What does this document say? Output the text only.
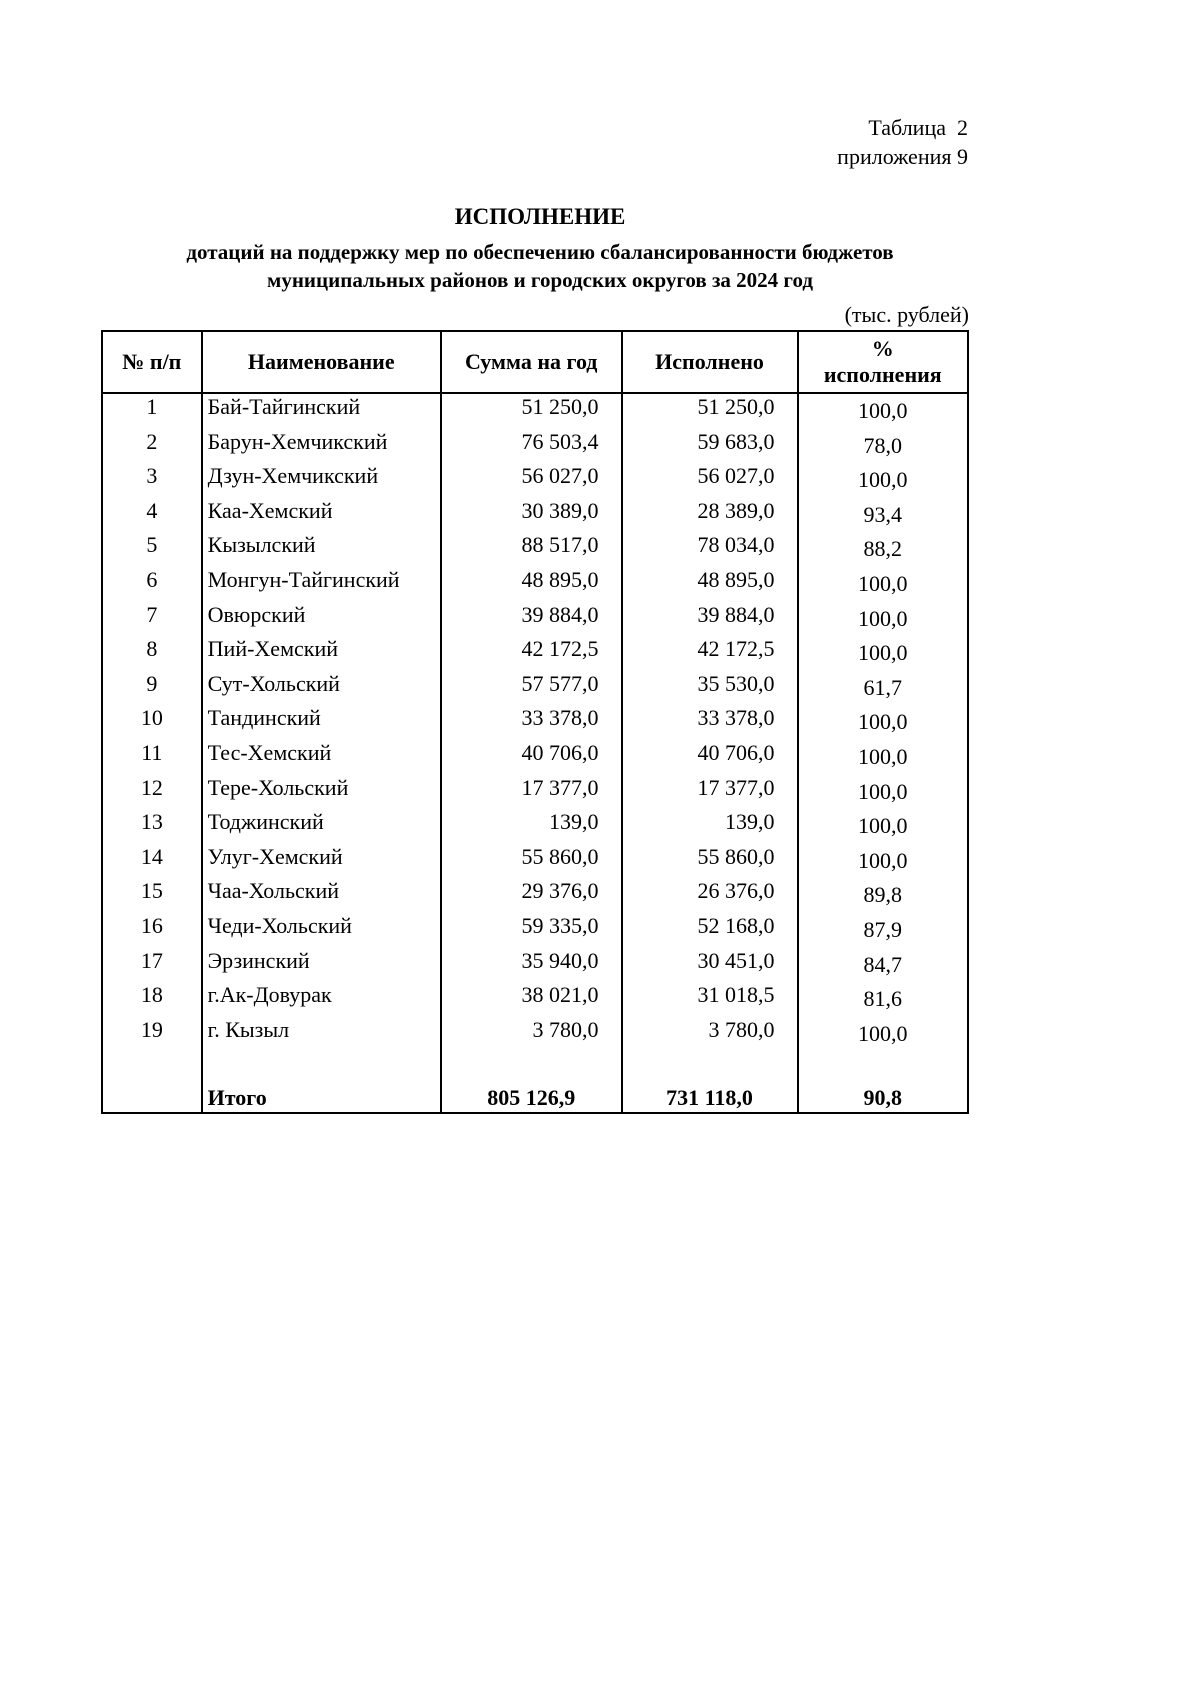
Таблица  2
приложения 9
ИСПОЛНЕНИЕ
дотаций на поддержку мер по обеспечению сбалансированности бюджетов
муниципальных районов и городских округов за 2024 год
(тыс. рублей)
№ п/п	Наименование	Сумма на год	Исполнено	%
исполнения

1	Бай-Тайгинский	51 250,0	51 250,0	100,0
2	Барун-Хемчикский	76 503,4	59 683,0	78,0
3	Дзун-Хемчикский	56 027,0	56 027,0	100,0
4	Каа-Хемский	30 389,0	28 389,0	93,4
5	Кызылский	88 517,0	78 034,0	88,2
6	Монгун-Тайгинский	48 895,0	48 895,0	100,0
7	Овюрский	39 884,0	39 884,0	100,0
8	Пий-Хемский	42 172,5	42 172,5	100,0
9	Сут-Хольский	57 577,0	35 530,0	61,7
10	Тандинский	33 378,0	33 378,0	100,0
11	Тес-Хемский	40 706,0	40 706,0	100,0
12	Тере-Хольский	17 377,0	17 377,0	100,0
13	Тоджинский	139,0	139,0	100,0
14	Улуг-Хемский	55 860,0	55 860,0	100,0
15	Чаа-Хольский	29 376,0	26 376,0	89,8
16	Чеди-Хольский	59 335,0	52 168,0	87,9
17	Эрзинский	35 940,0	30 451,0	84,7
18	г.Ак-Довурак	38 021,0	31 018,5	81,6
19	г. Кызыл	3 780,0	3 780,0	100,0

	Итого	805 126,9	731 118,0	90,8
